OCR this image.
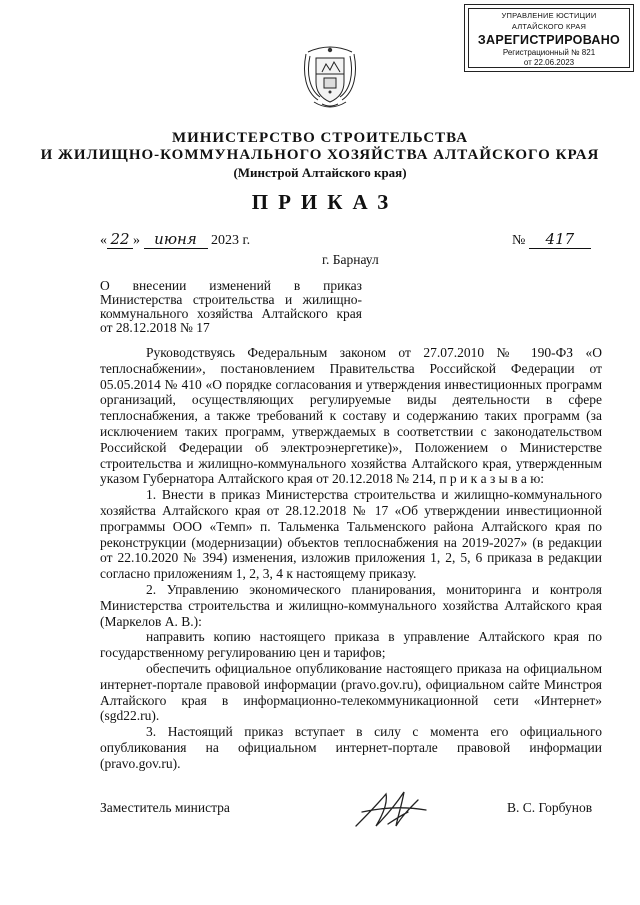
УПРАВЛЕНИЕ ЮСТИЦИИ
АЛТАЙСКОГО КРАЯ
ЗАРЕГИСТРИРОВАНО
Регистрационный № 821
от 22.06.2023
МИНИСТЕРСТВО СТРОИТЕЛЬСТВА
И ЖИЛИЩНО-КОММУНАЛЬНОГО ХОЗЯЙСТВА АЛТАЙСКОГО КРАЯ
(Минстрой Алтайского края)
ПРИКАЗ
« 22 » июня 2023 г.	№ 417
г. Барнаул
О внесении изменений в приказ
Министерства строительства и жилищно-
коммунального хозяйства Алтайского края
от 28.12.2018 № 17

Руководствуясь Федеральным законом от 27.07.2010 № 190-ФЗ «О теплоснабжении», постановлением Правительства Российской Федерации от 05.05.2014 № 410 «О порядке согласования и утверждения инвестиционных программ организаций, осуществляющих регулируемые виды деятельности в сфере теплоснабжения, а также требований к составу и содержанию таких программ (за исключением таких программ, утверждаемых в соответствии с законодательством Российской Федерации об электроэнергетике)», Положением о Министерстве строительства и жилищно-коммунального хозяйства Алтайского края, утвержденным указом Губернатора Алтайского края от 20.12.2018 № 214, п р и к а з ы в а ю:

1. Внести в приказ Министерства строительства и жилищно-коммунального хозяйства Алтайского края от 28.12.2018 № 17 «Об утверждении инвестиционной программы ООО «Темп» п. Тальменка Тальменского района Алтайского края по реконструкции (модернизации) объектов теплоснабжения на 2019-2027» (в редакции от 22.10.2020 № 394) изменения, изложив приложения 1, 2, 5, 6 приказа в редакции согласно приложениям 1, 2, 3, 4 к настоящему приказу.

2. Управлению экономического планирования, мониторинга и контроля Министерства строительства и жилищно-коммунального хозяйства Алтайского края (Маркелов А. В.):

направить копию настоящего приказа в управление Алтайского края по государственному регулированию цен и тарифов;

обеспечить официальное опубликование настоящего приказа на официальном интернет-портале правовой информации (pravo.gov.ru), официальном сайте Минстроя Алтайского края в информационно-телекоммуникационной сети «Интернет» (sgd22.ru).

3. Настоящий приказ вступает в силу с момента его официального опубликования на официальном интернет-портале правовой информации (pravo.gov.ru).

Заместитель министра	В. С. Горбунов
